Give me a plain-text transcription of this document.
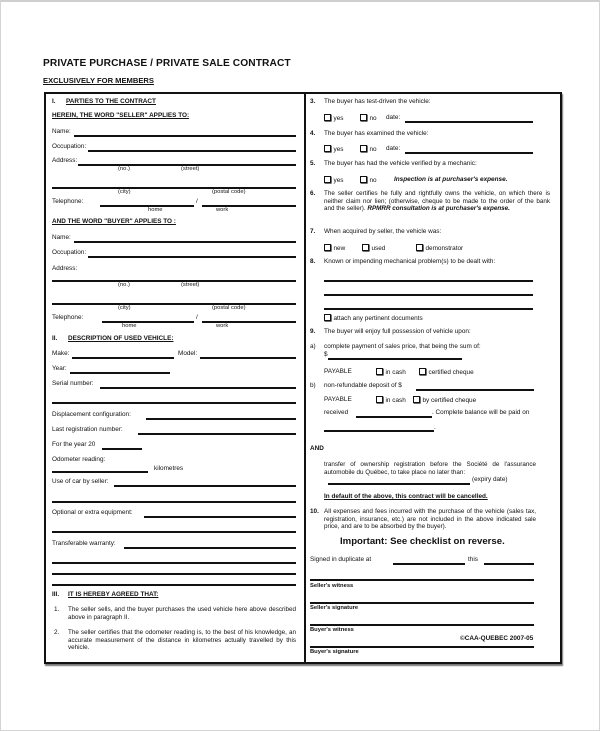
PRIVATE PURCHASE / PRIVATE SALE CONTRACT
EXCLUSIVELY FOR MEMBERS
I. PARTIES TO THE CONTRACT
HEREIN, THE WORD "SELLER" APPLIES TO:
Name:
Occupation:
Address:
(no.)	(street)
(city)	(postal code)
Telephone:	/
home	work
AND THE WORD "BUYER" APPLIES TO :
Name:
Occupation:
Address:
(no.)	(street)
(city)	(postal code)
Telephone:	/
home	work
II. DESCRIPTION OF USED VEHICLE:
Make:	Model:
Year:
Serial number:
Displacement configuration:
Last registration number:
For the year 20
Odometer reading:
kilometres
Use of car by seller:
Optional or extra equipment:
Transferable warranty:
III. IT IS HEREBY AGREED THAT:
1. The seller sells, and the buyer purchases the used vehicle here above described above in paragraph II.
2. The seller certifies that the odometer reading is, to the best of his knowledge, an accurate measurement of the distance in kilometres actually travelled by this vehicle.
3. The buyer has test-driven the vehicle:
yes	no date:
4. The buyer has examined the vehicle:
yes	no date:
5. The buyer has had the vehicle verified by a mechanic:
yes	no	Inspection is at purchaser's expense.
6. The seller certifies he fully and rightfully owns the vehicle, on which there is neither claim nor lien; (otherwise, cheque to be made to the order of the bank and the seller). RPMRR consultation is at purchaser's expense.
7. When acquired by seller, the vehicle was:
new	used	demonstrator
8. Known or impending mechanical problem(s) to be dealt with:
attach any pertinent documents
9. The buyer will enjoy full possession of vehicle upon:
a) complete payment of sales price, that being the sum of:
$
PAYABLE	in cash	certified cheque
b) non-refundable deposit of $
PAYABLE	in cash	by certified cheque
received	. Complete balance will be paid on
.
AND
transfer of ownership registration before the Société de l'assurance automobile du Québec, to take place no later than:
(expiry date)
In default of the above, this contract will be cancelled.
10. All expenses and fees incurred with the purchase of the vehicle (sales tax, registration, insurance, etc.) are not included in the above indicated sale price, and are to be absorbed by the buyer).
Important: See checklist on reverse.
Signed in duplicate at	this
Seller's witness
Seller's signature
Buyer's witness
Buyer's signature
©CAA-QUEBEC 2007-05
